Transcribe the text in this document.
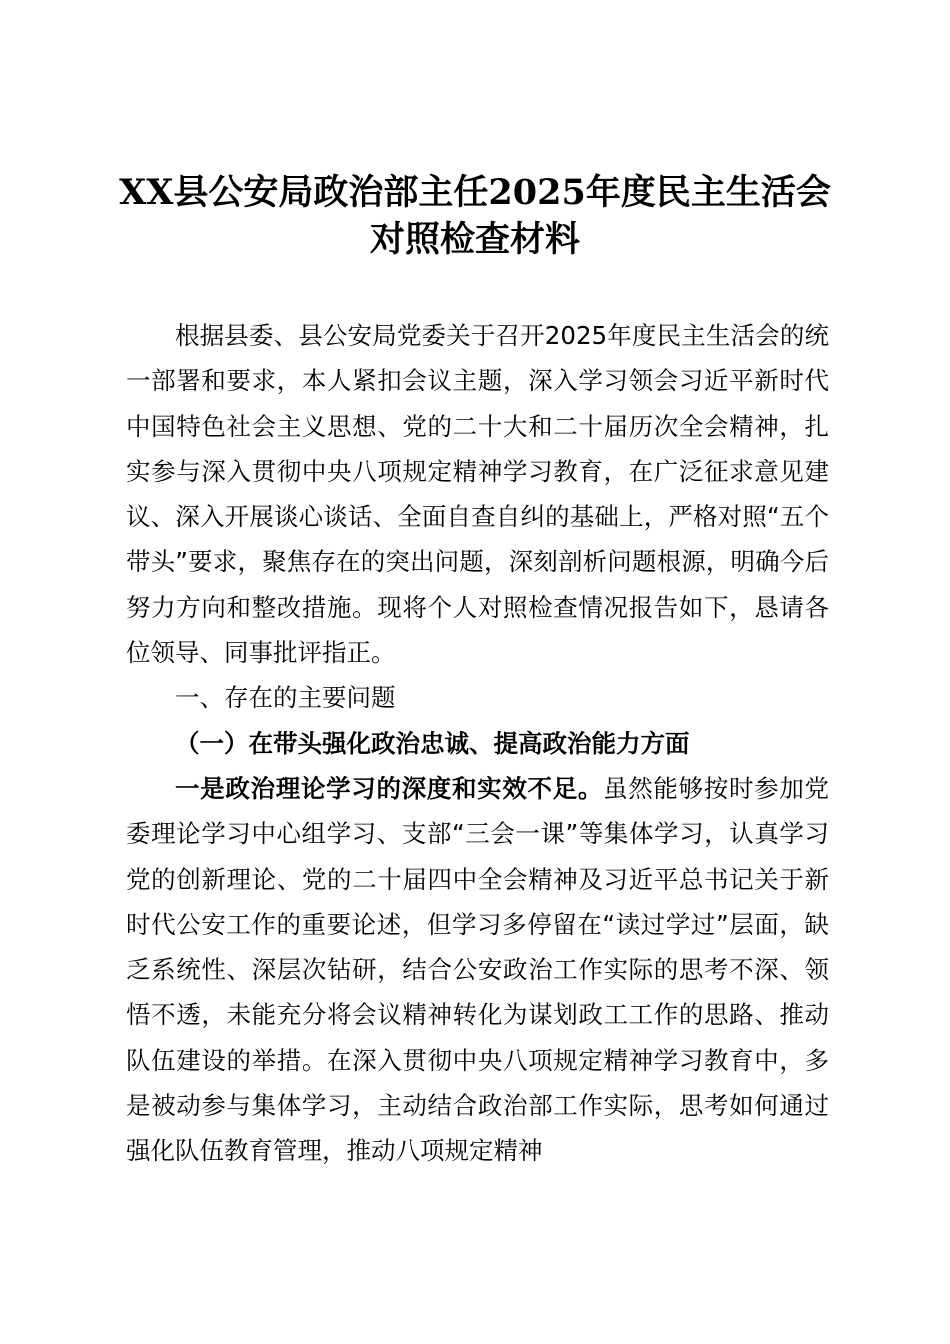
XX县公安局政治部主任2025年度民主生活会
对照检查材料

根据县委、县公安局党委关于召开2025年度民主生活会的统一部署和要求，本人紧扣会议主题，深入学习领会习近平新时代中国特色社会主义思想、党的二十大和二十届历次全会精神，扎实参与深入贯彻中央八项规定精神学习教育，在广泛征求意见建议、深入开展谈心谈话、全面自查自纠的基础上，严格对照“五个带头”要求，聚焦存在的突出问题，深刻剖析问题根源，明确今后努力方向和整改措施。现将个人对照检查情况报告如下，恳请各位领导、同事批评指正。

一、存在的主要问题

（一）在带头强化政治忠诚、提高政治能力方面

一是政治理论学习的深度和实效不足。虽然能够按时参加党委理论学习中心组学习、支部“三会一课”等集体学习，认真学习党的创新理论、党的二十届四中全会精神及习近平总书记关于新时代公安工作的重要论述，但学习多停留在“读过学过”层面，缺乏系统性、深层次钻研，结合公安政治工作实际的思考不深、领悟不透，未能充分将会议精神转化为谋划政工工作的思路、推动队伍建设的举措。在深入贯彻中央八项规定精神学习教育中，多是被动参与集体学习，主动结合政治部工作实际，思考如何通过强化队伍教育管理，推动八项规定精神
